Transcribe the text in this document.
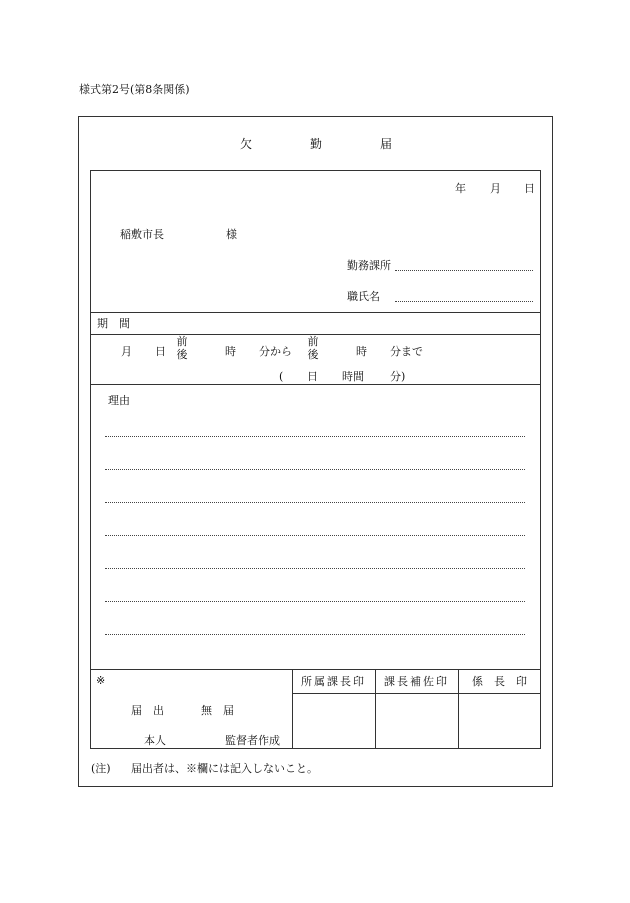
様式第2号(第8条関係)
欠	勤	届
年 月 日
稲敷市長	様
勤務課所
職氏名
期　間
月 日
前
後	時 分から
前
後	時 分まで
( 日 時間 分)
理由
※
届　出	無　届
本人	監督者作成
所属課長印	課長補佐印	係　長　印
(注) 届出者は、※欄には記入しないこと。
